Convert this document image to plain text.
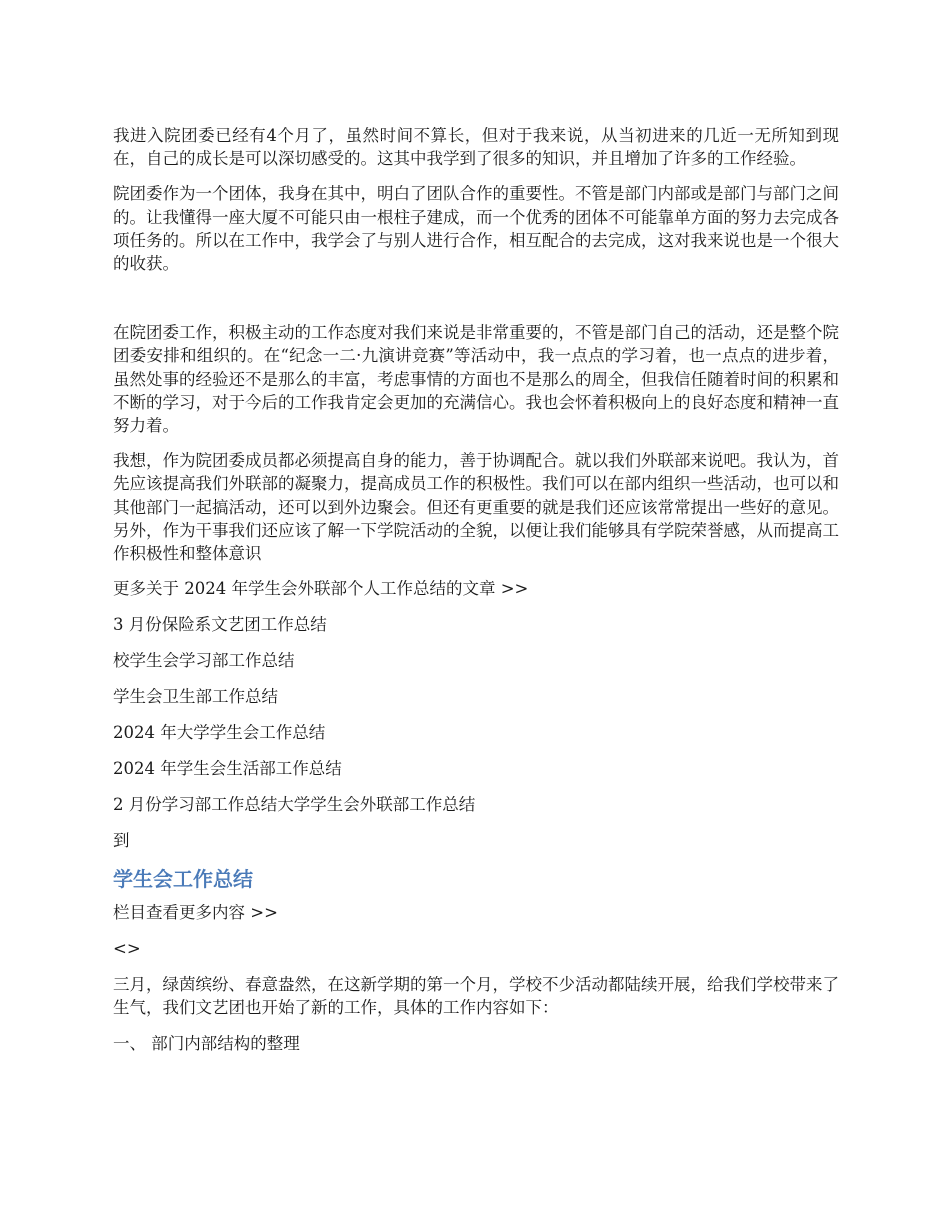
我进入院团委已经有4个月了，虽然时间不算长，但对于我来说，从当初进来的几近一无所知到现在，自己的成长是可以深切感受的。这其中我学到了很多的知识，并且增加了许多的工作经验。

院团委作为一个团体，我身在其中，明白了团队合作的重要性。不管是部门内部或是部门与部门之间的。让我懂得一座大厦不可能只由一根柱子建成，而一个优秀的团体不可能靠单方面的努力去完成各项任务的。所以在工作中，我学会了与别人进行合作，相互配合的去完成，这对我来说也是一个很大的收获。

在院团委工作，积极主动的工作态度对我们来说是非常重要的，不管是部门自己的活动，还是整个院团委安排和组织的。在“纪念一二·九演讲竞赛”等活动中，我一点点的学习着，也一点点的进步着，虽然处事的经验还不是那么的丰富，考虑事情的方面也不是那么的周全，但我信任随着时间的积累和不断的学习，对于今后的工作我肯定会更加的充满信心。我也会怀着积极向上的良好态度和精神一直努力着。

我想，作为院团委成员都必须提高自身的能力，善于协调配合。就以我们外联部来说吧。我认为，首先应该提高我们外联部的凝聚力，提高成员工作的积极性。我们可以在部内组织一些活动，也可以和其他部门一起搞活动，还可以到外边聚会。但还有更重要的就是我们还应该常常提出一些好的意见。另外，作为干事我们还应该了解一下学院活动的全貌，以便让我们能够具有学院荣誉感，从而提高工作积极性和整体意识

更多关于 2024 年学生会外联部个人工作总结的文章 >>
3 月份保险系文艺团工作总结
校学生会学习部工作总结
学生会卫生部工作总结
2024 年大学学生会工作总结
2024 年学生会生活部工作总结
2 月份学习部工作总结大学学生会外联部工作总结
到
学生会工作总结
栏目查看更多内容 >>
<>

三月，绿茵缤纷、春意盎然，在这新学期的第一个月，学校不少活动都陆续开展，给我们学校带来了生气，我们文艺团也开始了新的工作，具体的工作内容如下：

一、 部门内部结构的整理
